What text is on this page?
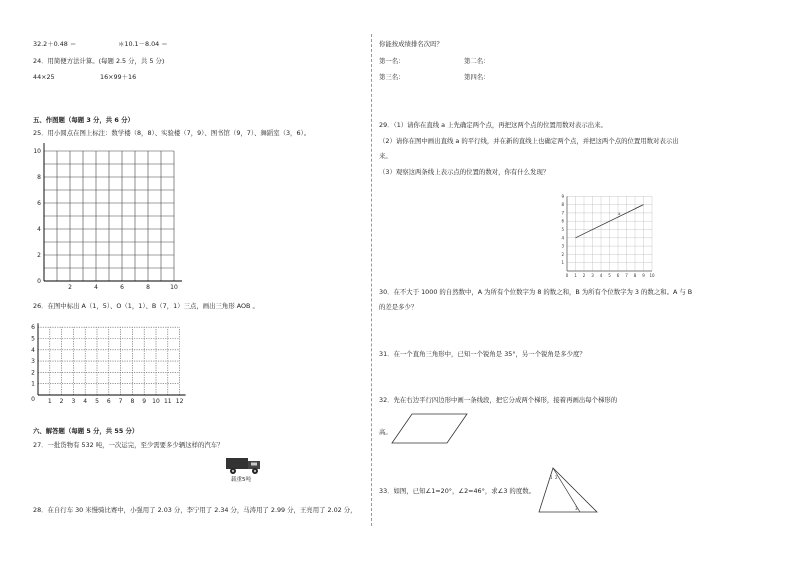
32.2＋0.48 ＝	＊10.1－8.04 ＝
24．用简便方法计算。(每题 2.5 分，共 5 分)
44×25	16×99＋16
五、作图题（每题 3 分，共 6 分）
25．用小圆点在图上标注：数学楼（8，8）、实验楼（7，9）、图书馆（9，7）、舞蹈室（3，6）。
2	4	6	8	10
0
2
4
6
8
10
26．在图中标出 A（1，5）、O（1，1）、B（7，1）三点，画出三角形 AOB 。
1 2 3 4 5 6 7 8 9 10 11 12
0
1
2
3
4
5
6
六、解答题（每题 5 分，共 55 分）
27．一批货物有 532 吨，一次运完，至少需要多少辆这样的汽车？
载重5吨
28．在自行车 30 米慢骑比赛中，小强用了 2.03 分，李宁用了 2.34 分，马涛用了 2.99 分，王亮用了 2.02 分，
你能按成绩排名次吗？
第一名：	第二名：
第三名：	第四名：
29．（1）请你在直线 a 上先确定两个点，再把这两个点的位置用数对表示出来。
（2）请你在图中画出直线 a 的平行线，并在新的直线上也确定两个点，并把这两个点的位置用数对表示出
来。
（3）观察这两条线上表示点的位置的数对，你有什么发现？
a
0 1 2 3 4 5 6 7 8 9 10
1
2
3
4
5
6
7
8
9
30．在不大于 1000 的自然数中，A 为所有个位数字为 8 的数之和，B 为所有个位数字为 3 的数之和。A 与 B
的差是多少？
31．在一个直角三角形中，已知一个锐角是 35°，另一个锐角是多少度？
32．先在右边平行四边形中画一条线段，把它分成两个梯形，接着再画出每个梯形的
高。
33．如图，已知∠1=20°，∠2=46°，求∠3 的度数。
1 2
3
